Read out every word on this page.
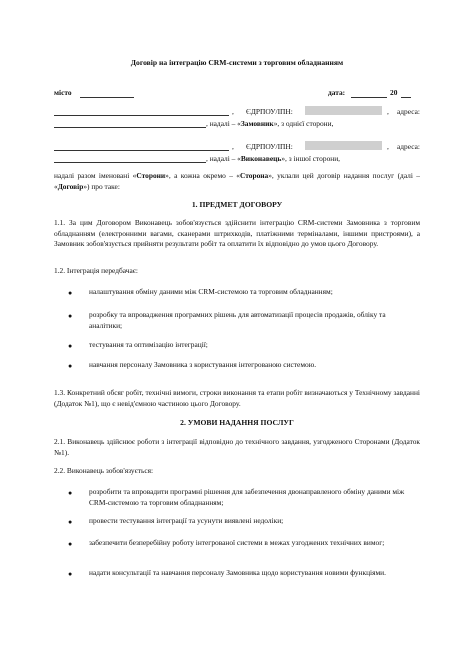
Договір на інтеграцію CRM-системи з торговим обладнанням
місто	дата:	20
, ЄДРПОУ/ІПН:	, адреса:
, надалі – «Замовник», з однієї сторони,
, ЄДРПОУ/ІПН:	, адреса:
, надалі – «Виконавець», з іншої сторони,
надалі разом іменовані «Сторони», а кожна окремо – «Сторона», уклали цей договір надання послуг (далі – «Договір») про таке:
1. ПРЕДМЕТ ДОГОВОРУ
1.1. За цим Договором Виконавець зобов'язується здійснити інтеграцію CRM-системи Замовника з торговим обладнанням (електронними вагами, сканерами штрихкодів, платіжними терміналами, іншими пристроями), а Замовник зобов'язується прийняти результати робіт та оплатити їх відповідно до умов цього Договору.
1.2. Інтеграція передбачає:
● налаштування обміну даними між CRM-системою та торговим обладнанням;
● розробку та впровадження програмних рішень для автоматизації процесів продажів, обліку та аналітики;
● тестування та оптимізацію інтеграції;
● навчання персоналу Замовника з користування інтегрованою системою.
1.3. Конкретний обсяг робіт, технічні вимоги, строки виконання та етапи робіт визначаються у Технічному завданні (Додаток №1), що є невід'ємною частиною цього Договору.
2. УМОВИ НАДАННЯ ПОСЛУГ
2.1. Виконавець здійснює роботи з інтеграції відповідно до технічного завдання, узгодженого Сторонами (Додаток №1).
2.2. Виконавець зобов'язується:
● розробити та впровадити програмні рішення для забезпечення двонаправленого обміну даними між CRM-системою та торговим обладнанням;
● провести тестування інтеграції та усунути виявлені недоліки;
● забезпечити безперебійну роботу інтегрованої системи в межах узгоджених технічних вимог;
● надати консультації та навчання персоналу Замовника щодо користування новими функціями.
